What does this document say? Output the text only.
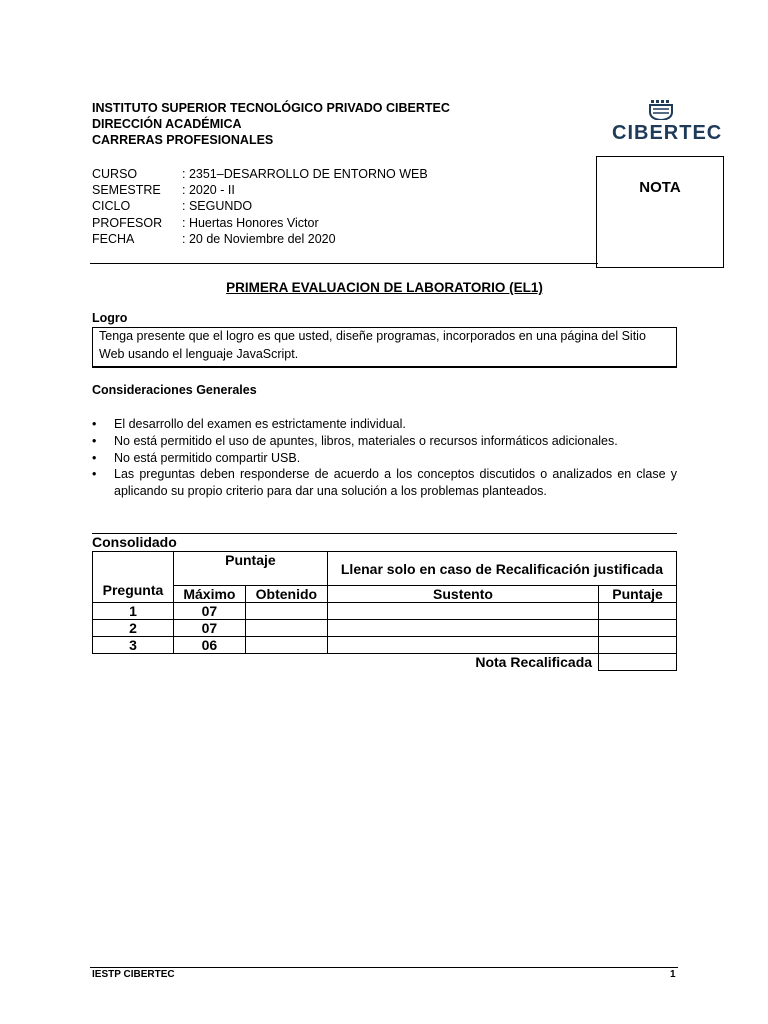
INSTITUTO SUPERIOR TECNOLÓGICO PRIVADO CIBERTEC
DIRECCIÓN ACADÉMICA
CARRERAS PROFESIONALES	CIBERTEC
CURSO	: 2351–DESARROLLO DE ENTORNO WEB
SEMESTRE	: 2020 - II
CICLO	: SEGUNDO
PROFESOR	: Huertas Honores Victor
FECHA	: 20 de Noviembre del 2020
NOTA
PRIMERA EVALUACION DE LABORATORIO (EL1)
Logro
Tenga presente que el logro es que usted, diseñe programas, incorporados en una página del Sitio Web usando el lenguaje JavaScript.
Consideraciones Generales
• El desarrollo del examen es estrictamente individual.
• No está permitido el uso de apuntes, libros, materiales o recursos informáticos adicionales.
• No está permitido compartir USB.
• Las preguntas deben responderse de acuerdo a los conceptos discutidos o analizados en clase y aplicando su propio criterio para dar una solución a los problemas planteados.
Consolidado
Pregunta	Puntaje		Llenar solo en caso de Recalificación justificada	
	Máximo	Obtenido	Sustento	Puntaje
1	07			
2	07			
3	06			
Nota Recalificada				
IESTP CIBERTEC	1
